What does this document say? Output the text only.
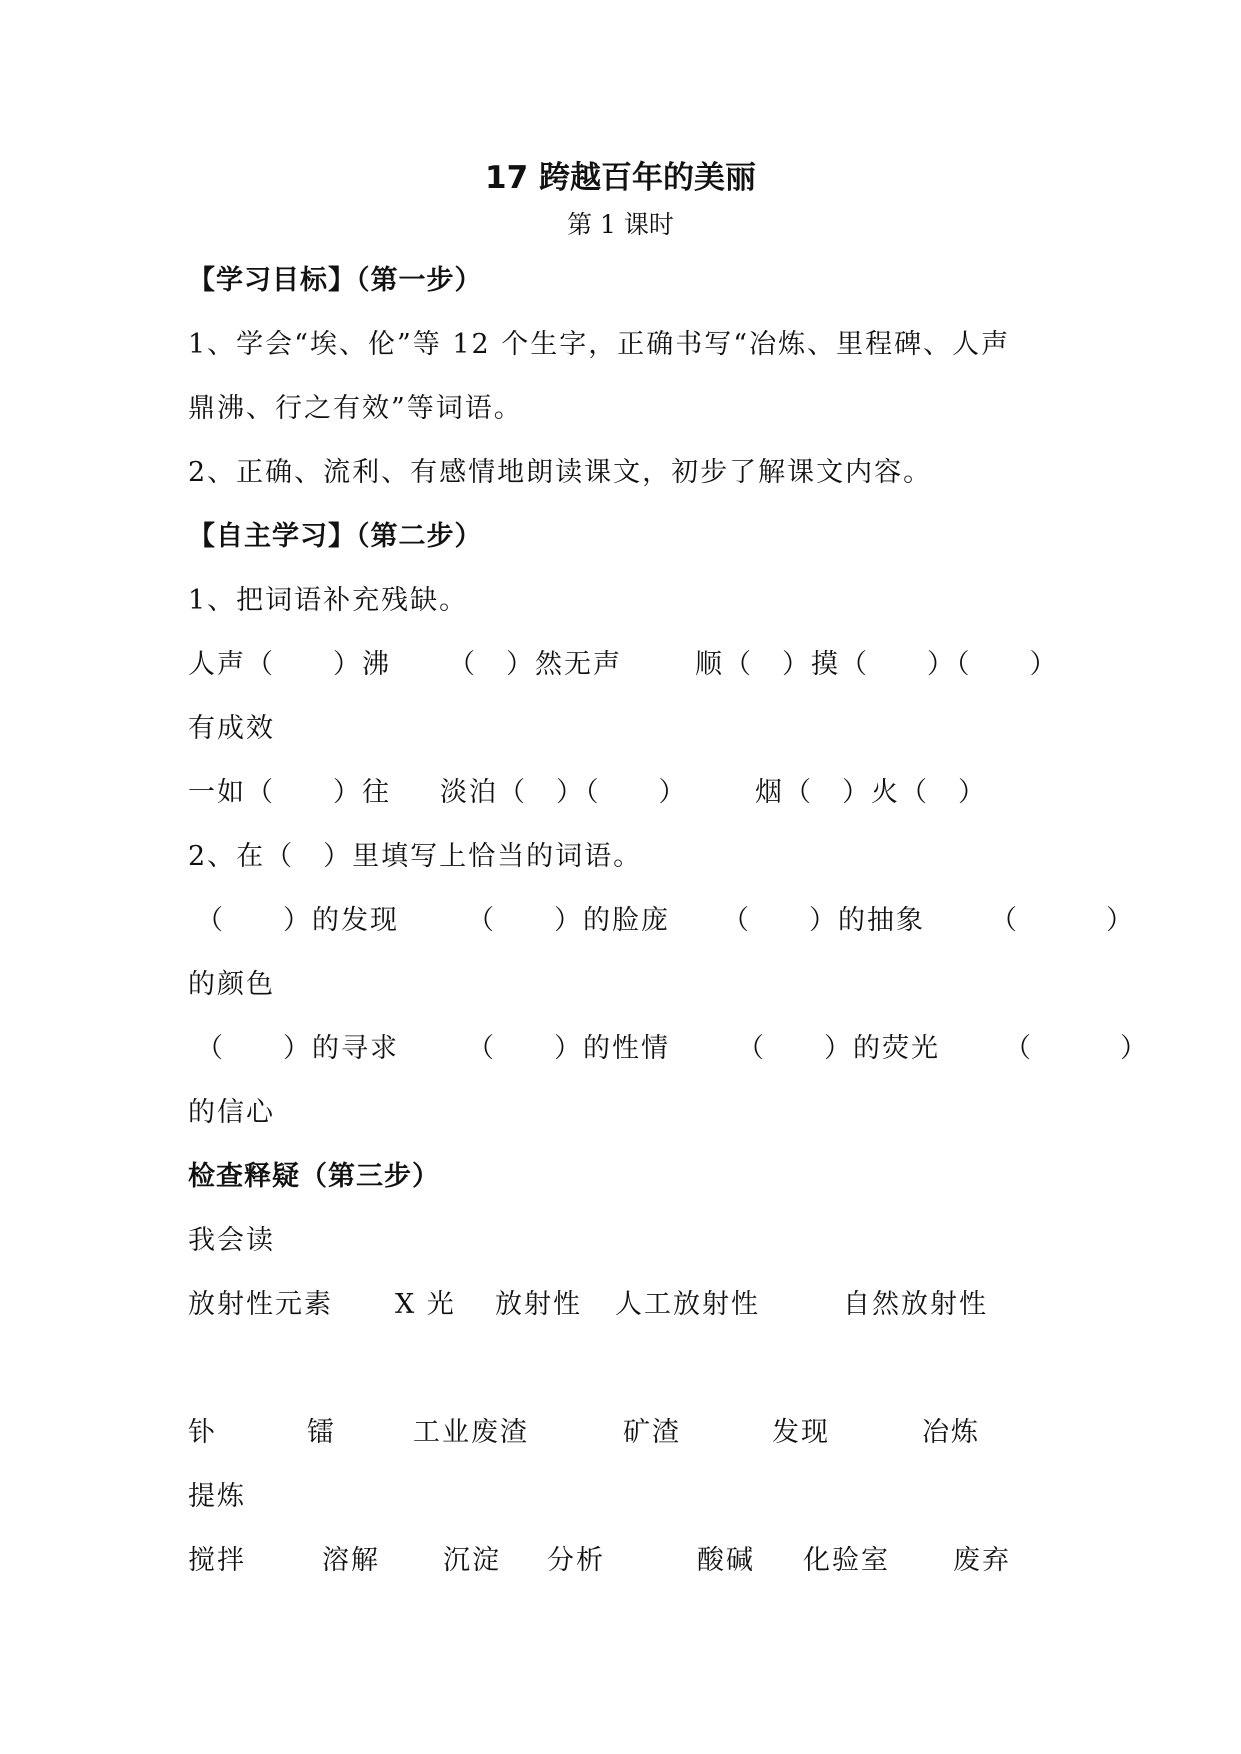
17 跨越百年的美丽
第 1 课时
【学习目标】（第一步）
1、学会“埃、伦”等 12 个生字，正确书写“冶炼、里程碑、人声
鼎沸、行之有效”等词语。
2、正确、流利、有感情地朗读课文，初步了解课文内容。
【自主学习】（第二步）
1、把词语补充残缺。
人声（　　）沸 （　）然无声	顺（　）摸（　　）（　　）
有成效
一如（　　）往 淡泊（　）（　　）	烟（　）火（　）
2、在（　）里填写上恰当的词语。
（　　）的发现	（　　）的脸庞 （　　）的抽象 （　　　）
的颜色
（　　）的寻求	（　　）的性情 （　　）的荧光 （　　　）
的信心
检查释疑（第三步）
我会读
放射性元素 X 光 放射性 人工放射性	自然放射性
钋	镭	工业废渣	矿渣	发现	冶炼
提炼
搅拌	溶解 沉淀 分析	酸碱 化验室 废弃
